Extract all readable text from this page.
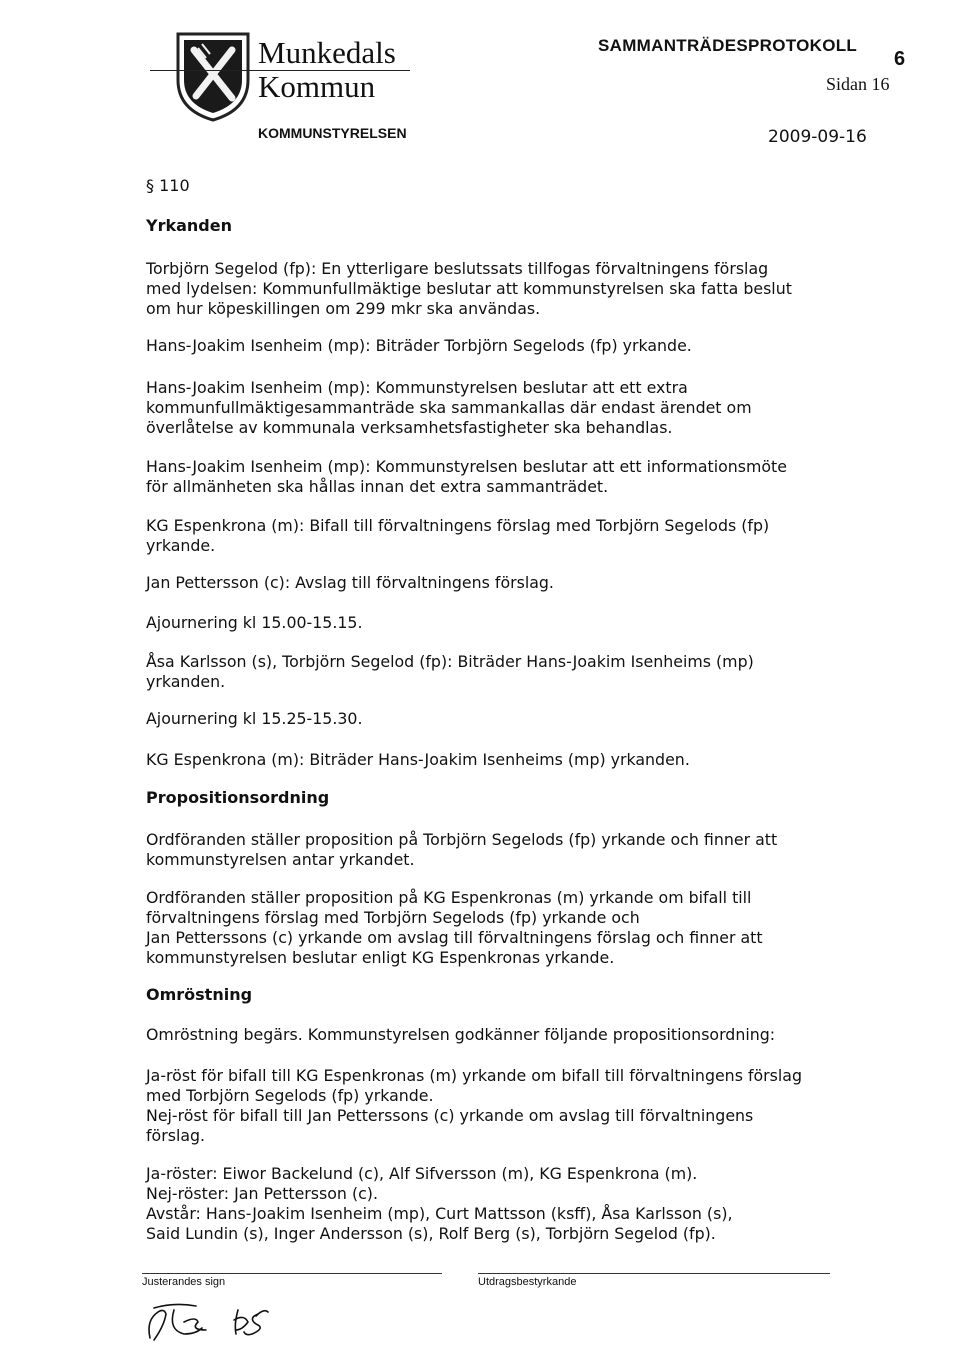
Munkedals
Kommun
SAMMANTRÄDESPROTOKOLL
6
Sidan 16
KOMMUNSTYRELSEN	2009-09-16
§ 110
Yrkanden
Torbjörn Segelod (fp): En ytterligare beslutssats tillfogas förvaltningens förslag
med lydelsen: Kommunfullmäktige beslutar att kommunstyrelsen ska fatta beslut
om hur köpeskillingen om 299 mkr ska användas.
Hans-Joakim Isenheim (mp): Biträder Torbjörn Segelods (fp) yrkande.
Hans-Joakim Isenheim (mp): Kommunstyrelsen beslutar att ett extra
kommunfullmäktigesammanträde ska sammankallas där endast ärendet om
överlåtelse av kommunala verksamhetsfastigheter ska behandlas.
Hans-Joakim Isenheim (mp): Kommunstyrelsen beslutar att ett informationsmöte
för allmänheten ska hållas innan det extra sammanträdet.
KG Espenkrona (m): Bifall till förvaltningens förslag med Torbjörn Segelods (fp)
yrkande.
Jan Pettersson (c): Avslag till förvaltningens förslag.
Ajournering kl 15.00-15.15.
Åsa Karlsson (s), Torbjörn Segelod (fp): Biträder Hans-Joakim Isenheims (mp)
yrkanden.
Ajournering kl 15.25-15.30.
KG Espenkrona (m): Biträder Hans-Joakim Isenheims (mp) yrkanden.
Propositionsordning
Ordföranden ställer proposition på Torbjörn Segelods (fp) yrkande och finner att
kommunstyrelsen antar yrkandet.
Ordföranden ställer proposition på KG Espenkronas (m) yrkande om bifall till
förvaltningens förslag med Torbjörn Segelods (fp) yrkande och
Jan Petterssons (c) yrkande om avslag till förvaltningens förslag och finner att
kommunstyrelsen beslutar enligt KG Espenkronas yrkande.
Omröstning
Omröstning begärs. Kommunstyrelsen godkänner följande propositionsordning:
Ja-röst för bifall till KG Espenkronas (m) yrkande om bifall till förvaltningens förslag
med Torbjörn Segelods (fp) yrkande.
Nej-röst för bifall till Jan Petterssons (c) yrkande om avslag till förvaltningens
förslag.
Ja-röster: Eiwor Backelund (c), Alf Sifversson (m), KG Espenkrona (m).
Nej-röster: Jan Pettersson (c).
Avstår: Hans-Joakim Isenheim (mp), Curt Mattsson (ksff), Åsa Karlsson (s),
Said Lundin (s), Inger Andersson (s), Rolf Berg (s), Torbjörn Segelod (fp).
Justerandes sign	Utdragsbestyrkande
